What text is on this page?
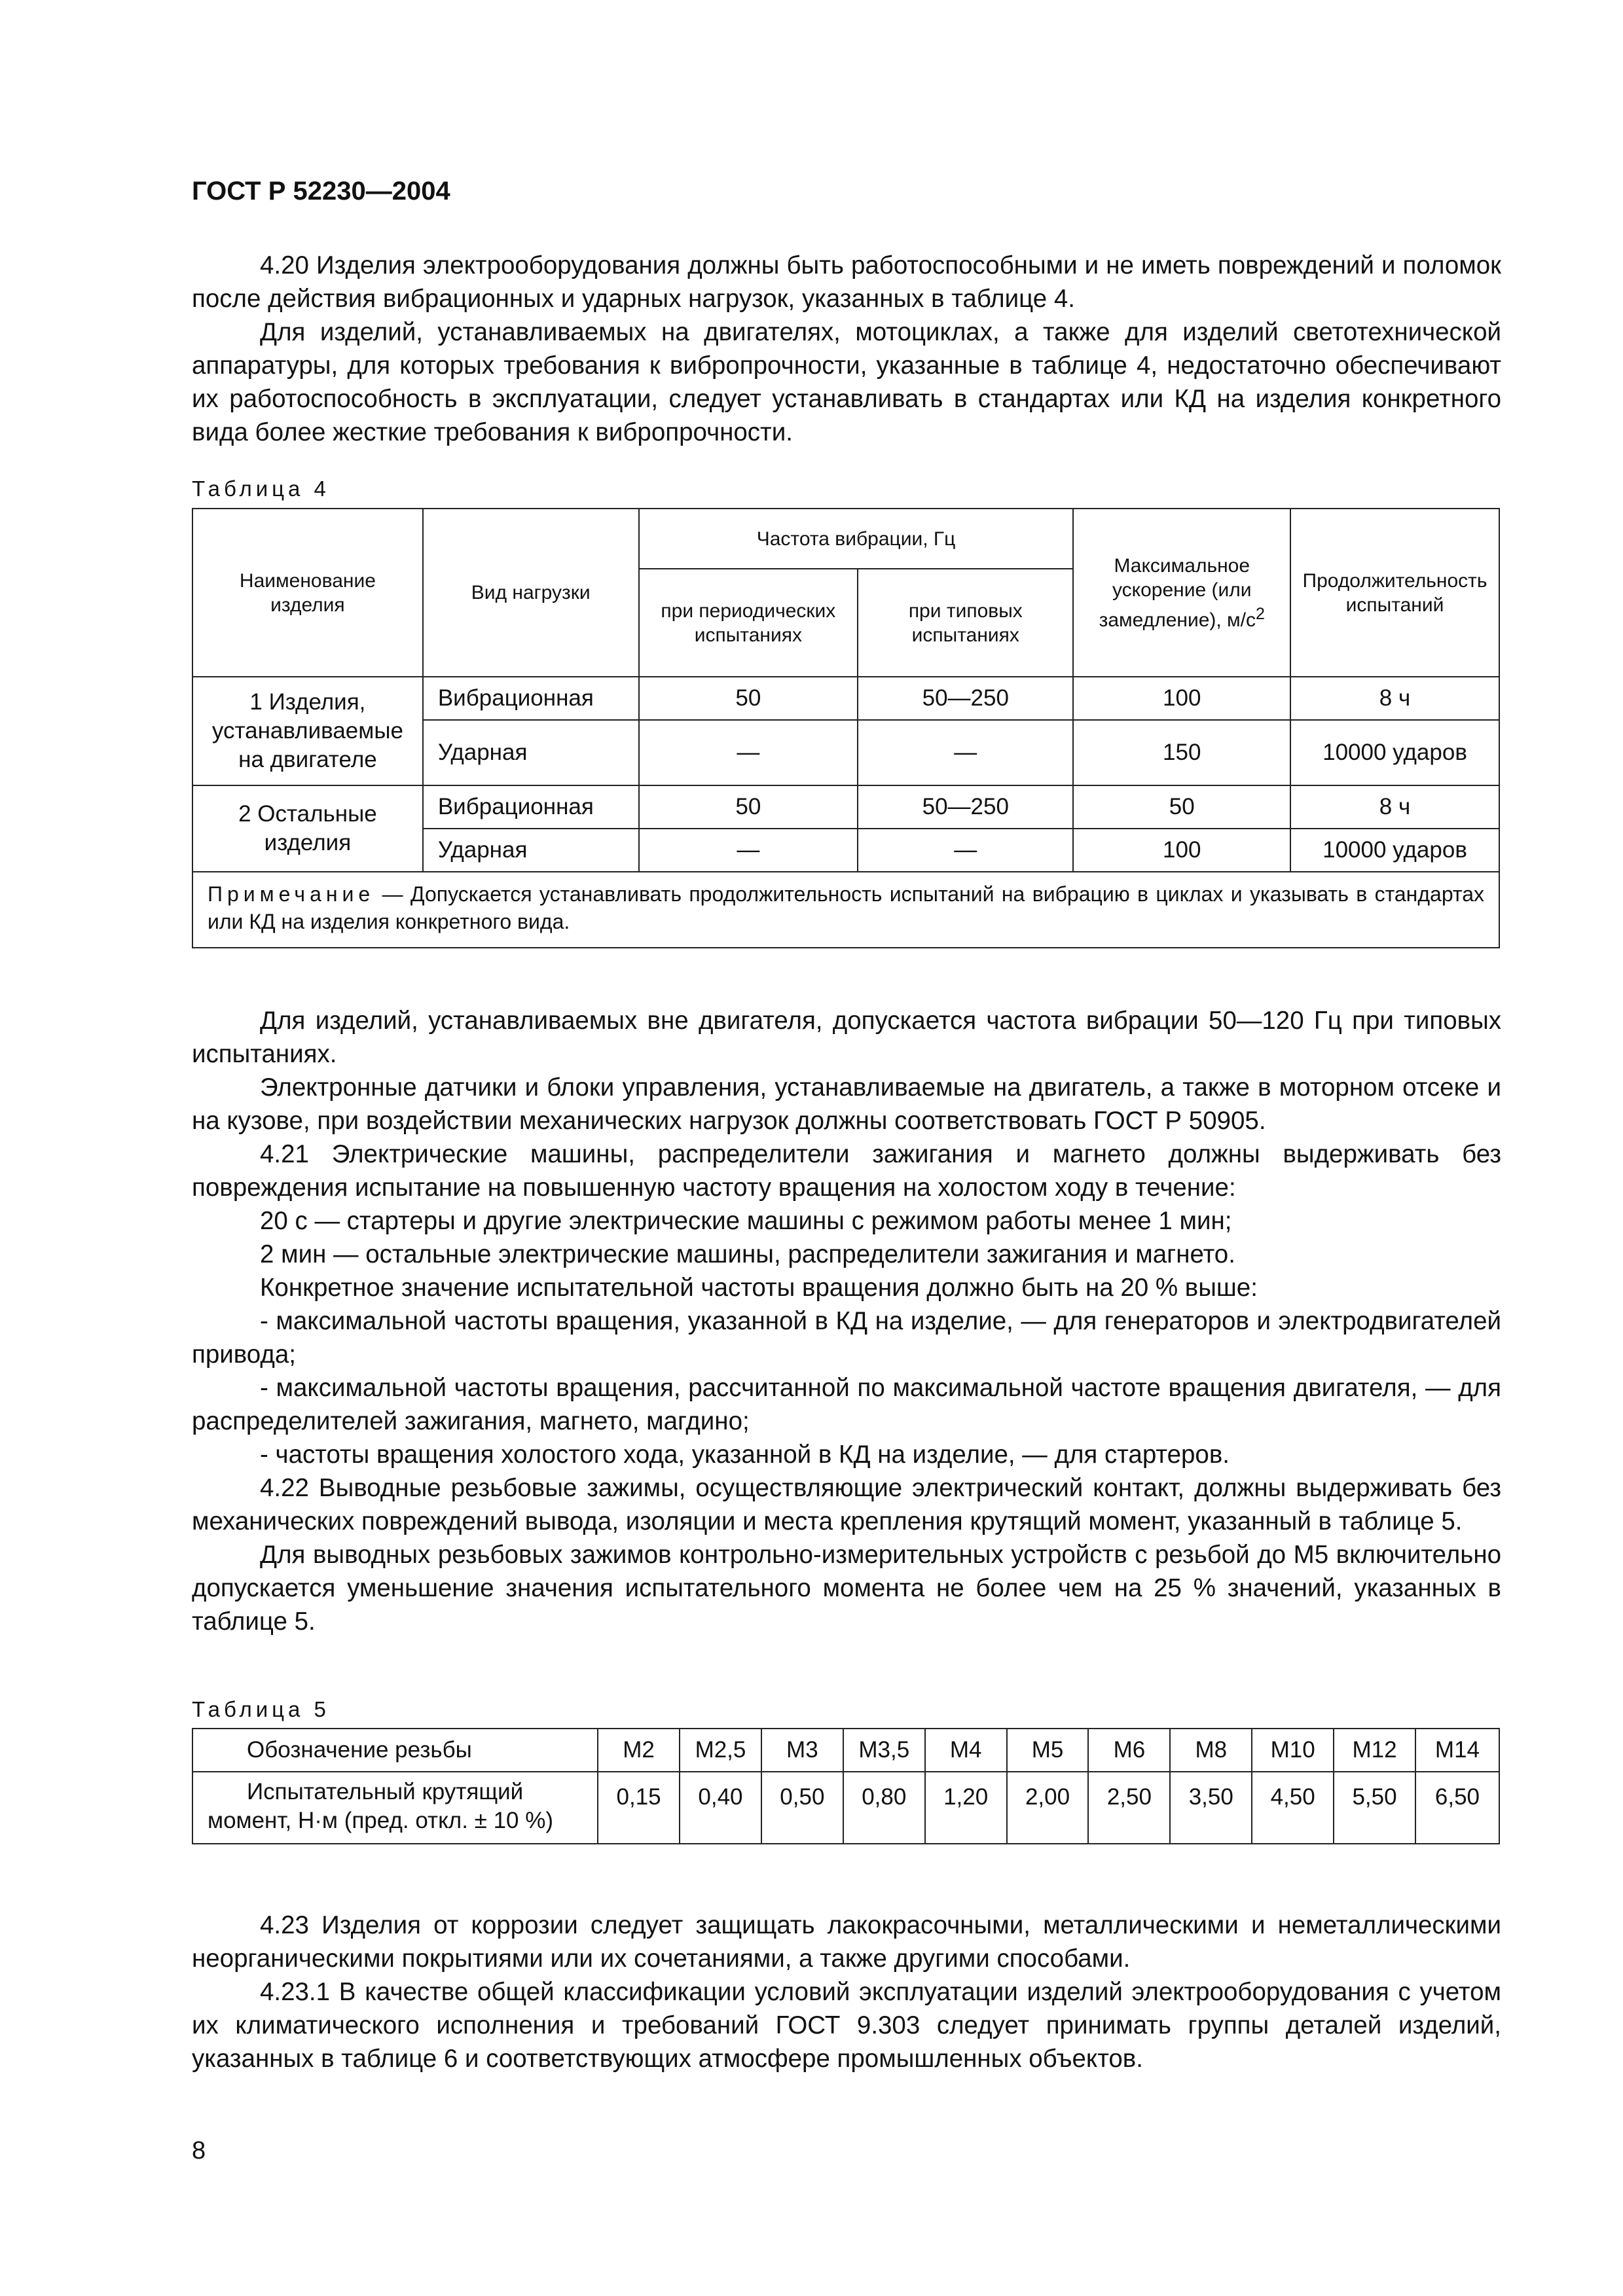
ГОСТ Р 52230—2004
4.20 Изделия электрооборудования должны быть работоспособными и не иметь повреждений и поломок после действия вибрационных и ударных нагрузок, указанных в таблице 4.
Для изделий, устанавливаемых на двигателях, мотоциклах, а также для изделий светотехнической аппаратуры, для которых требования к вибропрочности, указанные в таблице 4, недостаточно обеспечивают их работоспособность в эксплуатации, следует устанавливать в стандартах или КД на изделия конкретного вида более жесткие требования к вибропрочности.
Таблица 4
Наименование изделия	Вид нагрузки	Частота вибрации, Гц		Максимальное ускорение (или замедление), $м/с^2$	Продолжительность испытаний
		при периодических испытаниях	при типовых испытаниях		
1 Изделия, устанавливаемые на двигателе	Вибрационная	50	50—250	100	8 ч
	Ударная	—	—	150	10000 ударов
2 Остальные изделия	Вибрационная	50	50—250	50	8 ч
	Ударная	—	—	100	10000 ударов
Примечание — Допускается устанавливать продолжительность испытаний на вибрацию в циклах и указывать в стандартах или КД на изделия конкретного вида.					
Для изделий, устанавливаемых вне двигателя, допускается частота вибрации 50—120 Гц при типовых испытаниях.
Электронные датчики и блоки управления, устанавливаемые на двигатель, а также в моторном отсеке и на кузове, при воздействии механических нагрузок должны соответствовать ГОСТ Р 50905.
4.21 Электрические машины, распределители зажигания и магнето должны выдерживать без повреждения испытание на повышенную частоту вращения на холостом ходу в течение:
20 с — стартеры и другие электрические машины с режимом работы менее 1 мин;
2 мин — остальные электрические машины, распределители зажигания и магнето.
Конкретное значение испытательной частоты вращения должно быть на 20 % выше:
- максимальной частоты вращения, указанной в КД на изделие, — для генераторов и электродвигателей привода;
- максимальной частоты вращения, рассчитанной по максимальной частоте вращения двигателя, — для распределителей зажигания, магнето, магдино;
- частоты вращения холостого хода, указанной в КД на изделие, — для стартеров.
4.22 Выводные резьбовые зажимы, осуществляющие электрический контакт, должны выдерживать без механических повреждений вывода, изоляции и места крепления крутящий момент, указанный в таблице 5.
Для выводных резьбовых зажимов контрольно-измерительных устройств с резьбой до М5 включительно допускается уменьшение значения испытательного момента не более чем на 25 % значений, указанных в таблице 5.
Таблица 5
Обозначение резьбы	М2	М2,5	М3	М3,5	М4	М5	М6	М8	М10	М12	М14
Испытательный крутящий момент, Н·м (пред. откл. ± 10 %)	0,15	0,40	0,50	0,80	1,20	2,00	2,50	3,50	4,50	5,50	6,50
4.23 Изделия от коррозии следует защищать лакокрасочными, металлическими и неметаллическими неорганическими покрытиями или их сочетаниями, а также другими способами.
4.23.1 В качестве общей классификации условий эксплуатации изделий электрооборудования с учетом их климатического исполнения и требований ГОСТ 9.303 следует принимать группы деталей изделий, указанных в таблице 6 и соответствующих атмосфере промышленных объектов.
8
